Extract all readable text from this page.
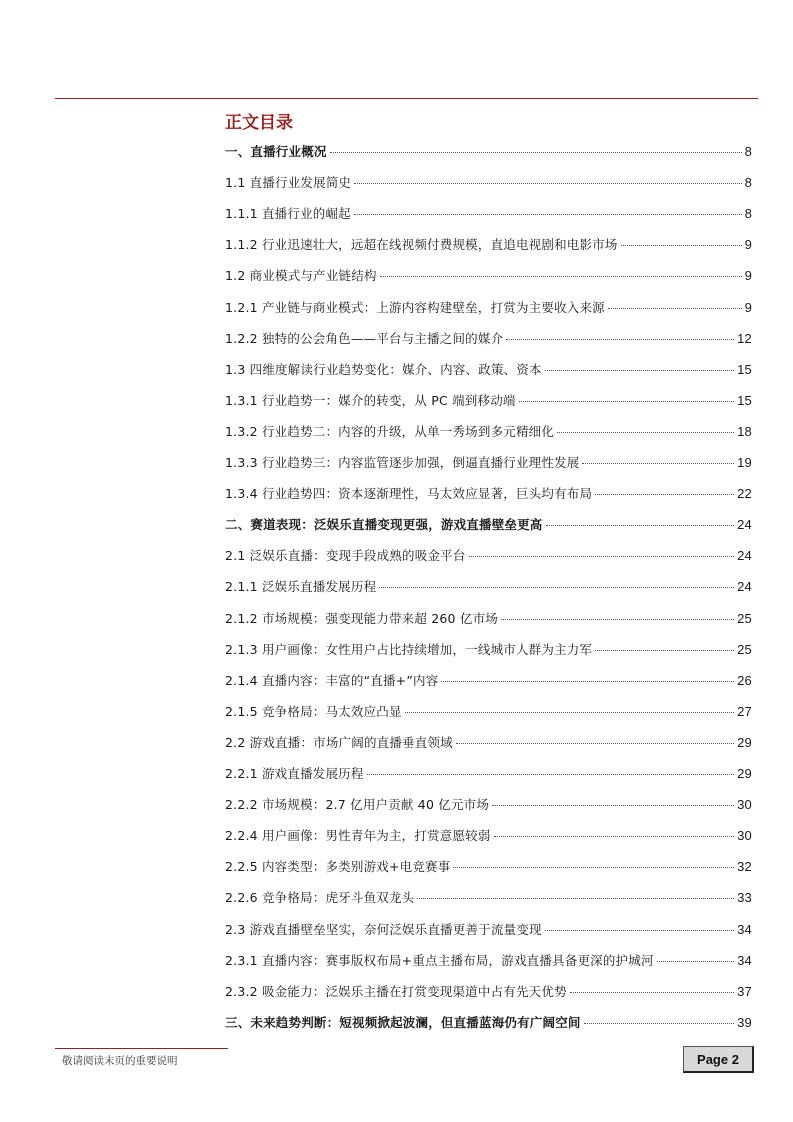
正文目录
一、直播行业概况	8
1.1 直播行业发展简史	8
1.1.1 直播行业的崛起	8
1.1.2 行业迅速壮大，远超在线视频付费规模，直追电视剧和电影市场	9
1.2 商业模式与产业链结构	9
1.2.1 产业链与商业模式：上游内容构建壁垒，打赏为主要收入来源	9
1.2.2 独特的公会角色——平台与主播之间的媒介	12
1.3 四维度解读行业趋势变化：媒介、内容、政策、资本	15
1.3.1 行业趋势一：媒介的转变，从 PC 端到移动端	15
1.3.2 行业趋势二：内容的升级，从单一秀场到多元精细化	18
1.3.3 行业趋势三：内容监管逐步加强，倒逼直播行业理性发展	19
1.3.4 行业趋势四：资本逐渐理性，马太效应显著，巨头均有布局	22
二、赛道表现：泛娱乐直播变现更强，游戏直播壁垒更高	24
2.1 泛娱乐直播：变现手段成熟的吸金平台	24
2.1.1 泛娱乐直播发展历程	24
2.1.2 市场规模：强变现能力带来超 260 亿市场	25
2.1.3 用户画像：女性用户占比持续增加，一线城市人群为主力军	25
2.1.4 直播内容：丰富的“直播+”内容	26
2.1.5 竞争格局：马太效应凸显	27
2.2 游戏直播：市场广阔的直播垂直领域	29
2.2.1 游戏直播发展历程	29
2.2.2 市场规模：2.7 亿用户贡献 40 亿元市场	30
2.2.4 用户画像：男性青年为主，打赏意愿较弱	30
2.2.5 内容类型：多类别游戏+电竞赛事	32
2.2.6 竞争格局：虎牙斗鱼双龙头	33
2.3 游戏直播壁垒坚实，奈何泛娱乐直播更善于流量变现	34
2.3.1 直播内容：赛事版权布局+重点主播布局，游戏直播具备更深的护城河	34
2.3.2 吸金能力：泛娱乐主播在打赏变现渠道中占有先天优势	37
三、未来趋势判断：短视频掀起波澜，但直播蓝海仍有广阔空间	39
敬请阅读末页的重要说明	Page 2
